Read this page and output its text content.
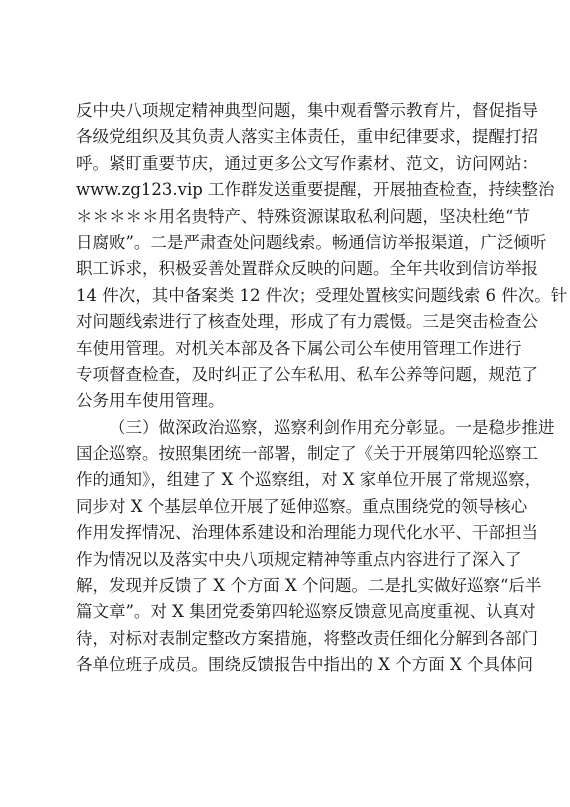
反中央八项规定精神典型问题，集中观看警示教育片，督促指导
各级党组织及其负责人落实主体责任，重申纪律要求，提醒打招
呼。紧盯重要节庆，通过更多公文写作素材、范文，访问网站：
www.zg123.vip 工作群发送重要提醒，开展抽查检查，持续整治
＊＊＊＊＊用名贵特产、特殊资源谋取私利问题，坚决杜绝“节
日腐败”。二是严肃查处问题线索。畅通信访举报渠道，广泛倾听
职工诉求，积极妥善处置群众反映的问题。全年共收到信访举报
14 件次，其中备案类 12 件次；受理处置核实问题线索 6 件次。针
对问题线索进行了核查处理，形成了有力震慑。三是突击检查公
车使用管理。对机关本部及各下属公司公车使用管理工作进行
专项督查检查，及时纠正了公车私用、私车公养等问题，规范了
公务用车使用管理。
（三）做深政治巡察，巡察利剑作用充分彰显。一是稳步推进
国企巡察。按照集团统一部署，制定了《关于开展第四轮巡察工
作的通知》，组建了 X 个巡察组，对 X 家单位开展了常规巡察，
同步对 X 个基层单位开展了延伸巡察。重点围绕党的领导核心
作用发挥情况、治理体系建设和治理能力现代化水平、干部担当
作为情况以及落实中央八项规定精神等重点内容进行了深入了
解，发现并反馈了 X 个方面 X 个问题。二是扎实做好巡察“后半
篇文章”。对 X 集团党委第四轮巡察反馈意见高度重视、认真对
待，对标对表制定整改方案措施，将整改责任细化分解到各部门
各单位班子成员。围绕反馈报告中指出的 X 个方面 X 个具体问
